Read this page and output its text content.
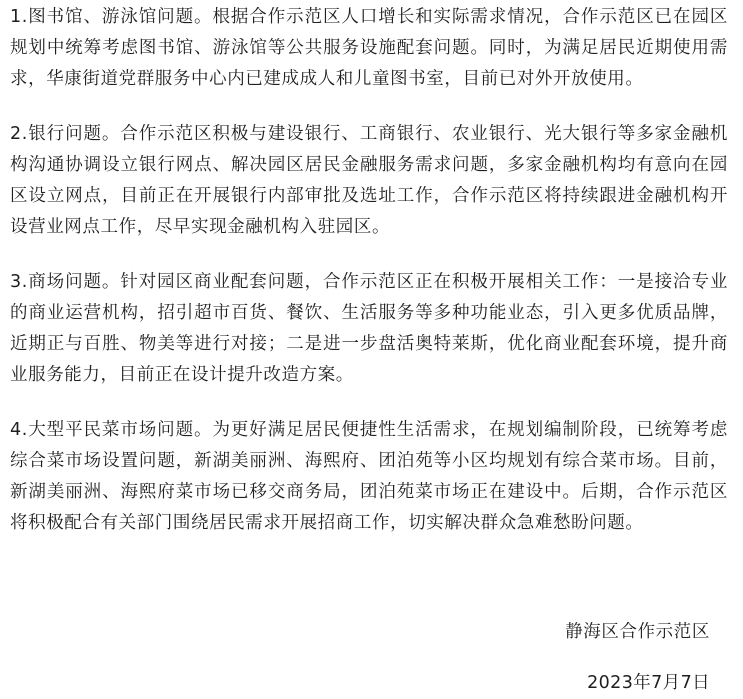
1.图书馆、游泳馆问题。根据合作示范区人口增长和实际需求情况，合作示范区已在园区规划中统筹考虑图书馆、游泳馆等公共服务设施配套问题。同时，为满足居民近期使用需求，华康街道党群服务中心内已建成成人和儿童图书室，目前已对外开放使用。

2.银行问题。合作示范区积极与建设银行、工商银行、农业银行、光大银行等多家金融机构沟通协调设立银行网点、解决园区居民金融服务需求问题，多家金融机构均有意向在园区设立网点，目前正在开展银行内部审批及选址工作，合作示范区将持续跟进金融机构开设营业网点工作，尽早实现金融机构入驻园区。

3.商场问题。针对园区商业配套问题，合作示范区正在积极开展相关工作：一是接洽专业的商业运营机构，招引超市百货、餐饮、生活服务等多种功能业态，引入更多优质品牌，近期正与百胜、物美等进行对接；二是进一步盘活奥特莱斯，优化商业配套环境，提升商业服务能力，目前正在设计提升改造方案。

4.大型平民菜市场问题。为更好满足居民便捷性生活需求，在规划编制阶段，已统筹考虑综合菜市场设置问题，新湖美丽洲、海熙府、团泊苑等小区均规划有综合菜市场。目前，新湖美丽洲、海熙府菜市场已移交商务局，团泊苑菜市场正在建设中。后期，合作示范区将积极配合有关部门围绕居民需求开展招商工作，切实解决群众急难愁盼问题。

静海区合作示范区
2023年7月7日
